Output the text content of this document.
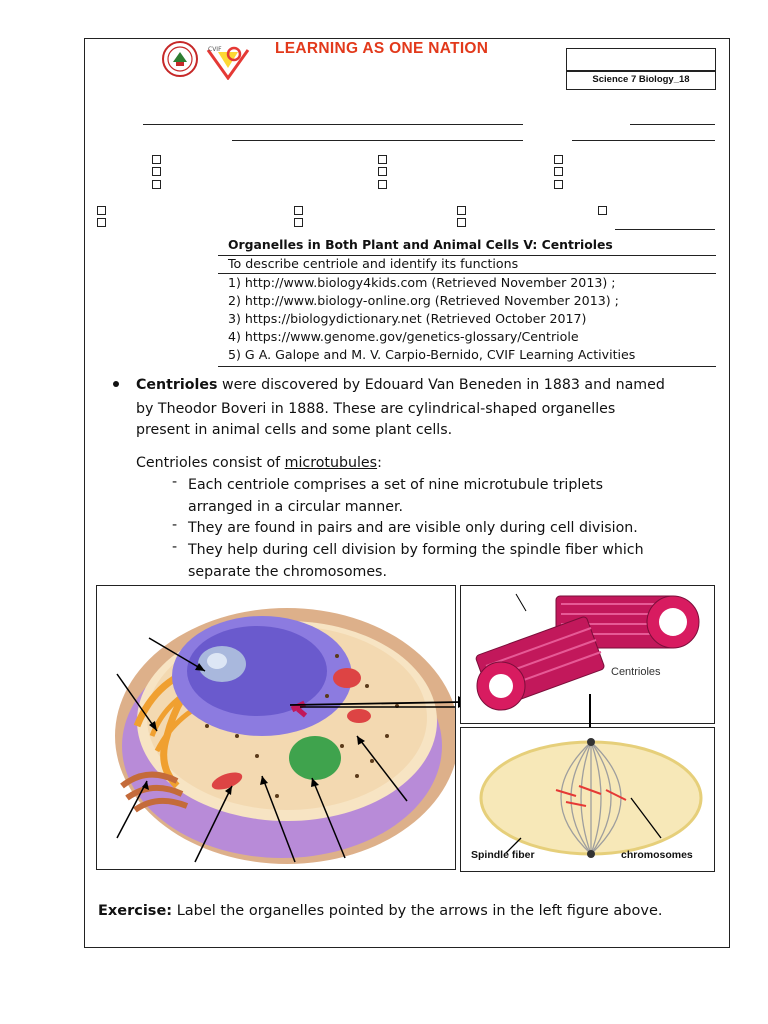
CVIF	LEARNING AS ONE NATION
Science 7 Biology_18
Organelles in Both Plant and Animal Cells V: Centrioles
To describe centriole and identify its functions
1) http://www.biology4kids.com (Retrieved November 2013) ;
2) http://www.biology-online.org (Retrieved November 2013) ;
3) https://biologydictionary.net (Retrieved October 2017)
4) https://www.genome.gov/genetics-glossary/Centriole
5) G A. Galope and M. V. Carpio-Bernido, CVIF Learning Activities
Centrioles were discovered by Edouard Van Beneden in 1883 and named
by Theodor Boveri in 1888. These are cylindrical-shaped organelles
present in animal cells and some plant cells.
Centrioles consist of microtubules:
- Each centriole comprises a set of nine microtubule triplets
arranged in a circular manner.
- They are found in pairs and are visible only during cell division.
- They help during cell division by forming the spindle fiber which
separate the chromosomes.
Centrioles
Spindle fiber	chromosomes
Exercise: Label the organelles pointed by the arrows in the left figure above.
